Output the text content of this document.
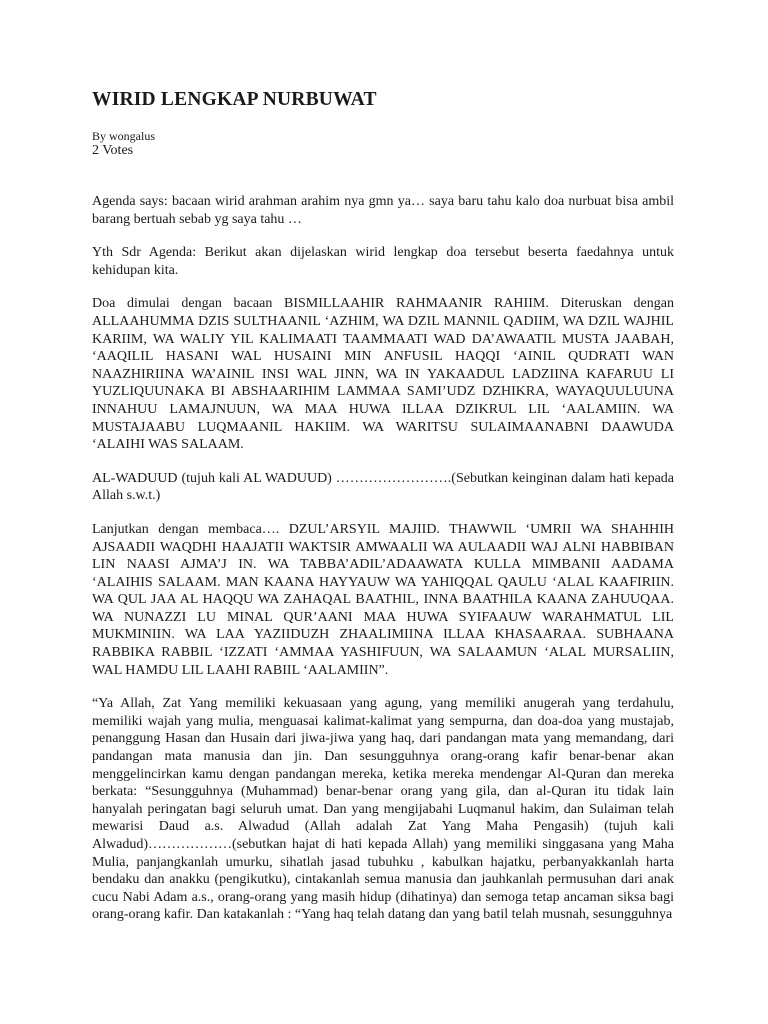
WIRID LENGKAP NURBUWAT
By wongalus
2 Votes

Agenda says: bacaan wirid arahman arahim nya gmn ya… saya baru tahu kalo doa nurbuat bisa ambil barang bertuah sebab yg saya tahu …

Yth Sdr Agenda: Berikut akan dijelaskan wirid lengkap doa tersebut beserta faedahnya untuk kehidupan kita.

Doa dimulai dengan bacaan BISMILLAAHIR RAHMAANIR RAHIIM. Diteruskan dengan ALLAAHUMMA DZIS SULTHAANIL ‘AZHIM, WA DZIL MANNIL QADIIM, WA DZIL WAJHIL KARIIM, WA WALIY YIL KALIMAATI TAAMMAATI WAD DA’AWAATIL MUSTA JAABAH, ‘AAQILIL HASANI WAL HUSAINI MIN ANFUSIL HAQQI ‘AINIL QUDRATI WAN NAAZHIRIINA WA’AINIL INSI WAL JINN, WA IN YAKAADUL LADZIINA KAFARUU LI YUZLIQUUNAKA BI ABSHAARIHIM LAMMAA SAMI’UDZ DZHIKRA, WAYAQUULUUNA INNAHUU LAMAJNUUN, WA MAA HUWA ILLAA DZIKRUL LIL ‘AALAMIIN. WA MUSTAJAABU LUQMAANIL HAKIIM. WA WARITSU SULAIMAANABNI DAAWUDA ‘ALAIHI WAS SALAAM.

AL-WADUUD (tujuh kali AL WADUUD) …………………….(Sebutkan keinginan dalam hati kepada Allah s.w.t.)

Lanjutkan dengan membaca…. DZUL’ARSYIL MAJIID. THAWWIL ‘UMRII WA SHAHHIH AJSAADII WAQDHI HAAJATII WAKTSIR AMWAALII WA AULAADII WAJ ALNI HABBIBAN LIN NAASI AJMA’J IN. WA TABBA’ADIL’ADAAWATA KULLA MIMBANII AADAMA ‘ALAIHIS SALAAM. MAN KAANA HAYYAUW WA YAHIQQAL QAULU ‘ALAL KAAFIRIIN. WA QUL JAA AL HAQQU WA ZAHAQAL BAATHIL, INNA BAATHILA KAANA ZAHUUQAA. WA NUNAZZI LU MINAL QUR’AANI MAA HUWA SYIFAAUW WARAHMATUL LIL MUKMINIIN. WA LAA YAZIIDUZH ZHAALIMIINA ILLAA KHASAARAA. SUBHAANA RABBIKA RABBIL ‘IZZATI ‘AMMAA YASHIFUUN, WA SALAAMUN ‘ALAL MURSALIIN, WAL HAMDU LIL LAAHI RABIIL ‘AALAMIIN”.

“Ya Allah, Zat Yang memiliki kekuasaan yang agung, yang memiliki anugerah yang terdahulu, memiliki wajah yang mulia, menguasai kalimat-kalimat yang sempurna, dan doa-doa yang mustajab, penanggung Hasan dan Husain dari jiwa-jiwa yang haq, dari pandangan mata yang memandang, dari pandangan mata manusia dan jin. Dan sesungguhnya orang-orang kafir benar-benar akan menggelincirkan kamu dengan pandangan mereka, ketika mereka mendengar Al-Quran dan mereka berkata: “Sesungguhnya (Muhammad) benar-benar orang yang gila, dan al-Quran itu tidak lain hanyalah peringatan bagi seluruh umat. Dan yang mengijabahi Luqmanul hakim, dan Sulaiman telah mewarisi Daud a.s. Alwadud (Allah adalah Zat Yang Maha Pengasih) (tujuh kali Alwadud)………………(sebutkan hajat di hati kepada Allah) yang memiliki singgasana yang Maha Mulia, panjangkanlah umurku, sihatlah jasad tubuhku , kabulkan hajatku, perbanyakkanlah harta bendaku dan anakku (pengikutku), cintakanlah semua manusia dan jauhkanlah permusuhan dari anak cucu Nabi Adam a.s., orang-orang yang masih hidup (dihatinya) dan semoga tetap ancaman siksa bagi orang-orang kafir. Dan katakanlah : “Yang haq telah datang dan yang batil telah musnah, sesungguhnya
